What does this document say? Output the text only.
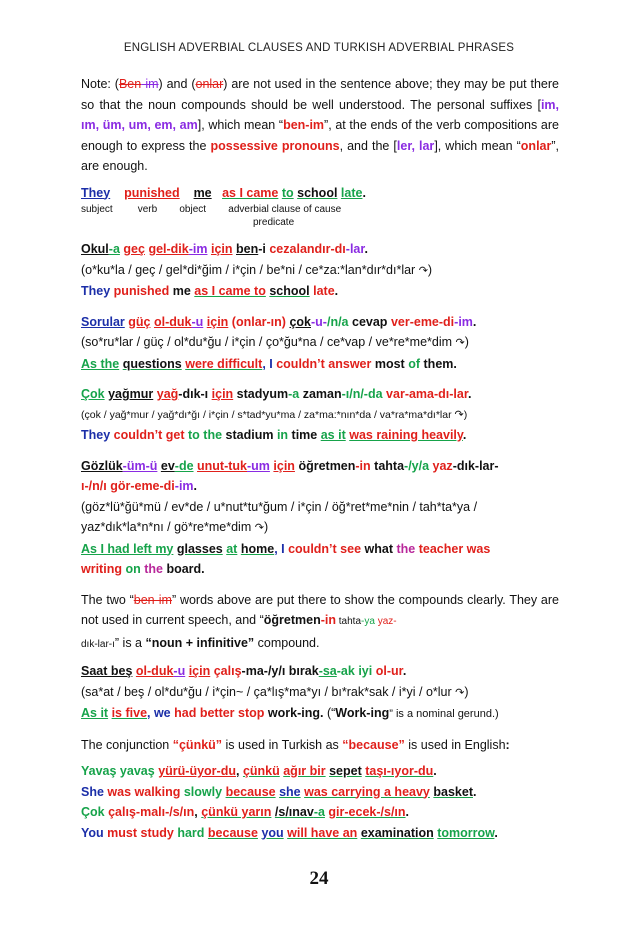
ENGLISH ADVERBIAL CLAUSES AND TURKISH ADVERBIAL PHRASES

Note: (Ben-im) and (onlar) are not used in the sentence above; they may be put there so that the noun compounds should be well understood. The personal suffixes [im, ım, üm, um, em, am], which mean “ben-im”, at the ends of the verb compositions are enough to express the possessive pronouns, and the [ler, lar], which mean “onlar”, are enough.

They punished me as I came to school late.
subject         verb        object        adverbial clause of cause
predicate
Okul-a geç gel-dik-im için ben-i cezalandır-dı-lar.
(o*ku*la / geç / gel*di*ğim / i*çin / be*ni / ce*za:*lan*dır*dı*lar ↷)
They punished me as I came to school late.
Sorular güç ol-duk-u için (onlar-ın) çok-u-/n/a cevap ver-eme-di-im.
(so*ru*lar / güç / ol*du*ğu / i*çin / ço*ğu*na / ce*vap / ve*re*me*dim ↷)
As the questions were difficult, I couldn’t answer most of them.
Çok yağmur yağ-dık-ı için stadyum-a zaman-ı/n/-da var-ama-dı-lar.
(çok / yağ*mur / yağ*dı*ğı / i*çin / s*tad*yu*ma / za*ma:*nın*da / va*ra*ma*dı*lar ↷)
They couldn’t get to the stadium in time as it was raining heavily.
Gözlük-üm-ü ev-de unut-tuk-um için öğretmen-in tahta-/y/a yaz-dık-lar-
ı-/n/ı gör-eme-di-im.
(göz*lü*ğü*mü / ev*de / u*nut*tu*ğum / i*çin / öğ*ret*me*nin / tah*ta*ya /
yaz*dık*la*n*nı / gö*re*me*dim ↷)
As I had left my glasses at home, I couldn’t see what the teacher was
writing on the board.

The two “ben-im” words above are put there to show the compounds clearly. They are not used in current speech, and “öğretmen-in tahta-ya yaz-
dık-lar-ı” is a “noun + infinitive” compound.

Saat beş ol-duk-u için çalış-ma-/y/ı bırak-sa-ak iyi ol-ur.
(sa*at / beş / ol*du*ğu / i*çin~ / ça*lış*ma*yı / bı*rak*sak / i*yi / o*lur ↷)
As it is five, we had better stop work-ing. (“Work-ing” is a nominal gerund.)

The conjunction “çünkü” is used in Turkish as “because” is used in English:

Yavaş yavaş yürü-üyor-du, çünkü ağır bir sepet taşı-ıyor-du.
She was walking slowly because she was carrying a heavy basket.
Çok çalış-malı-/s/ın, çünkü yarın /s/ınav-a gir-ecek-/s/ın.
You must study hard because you will have an examination tomorrow.
24
